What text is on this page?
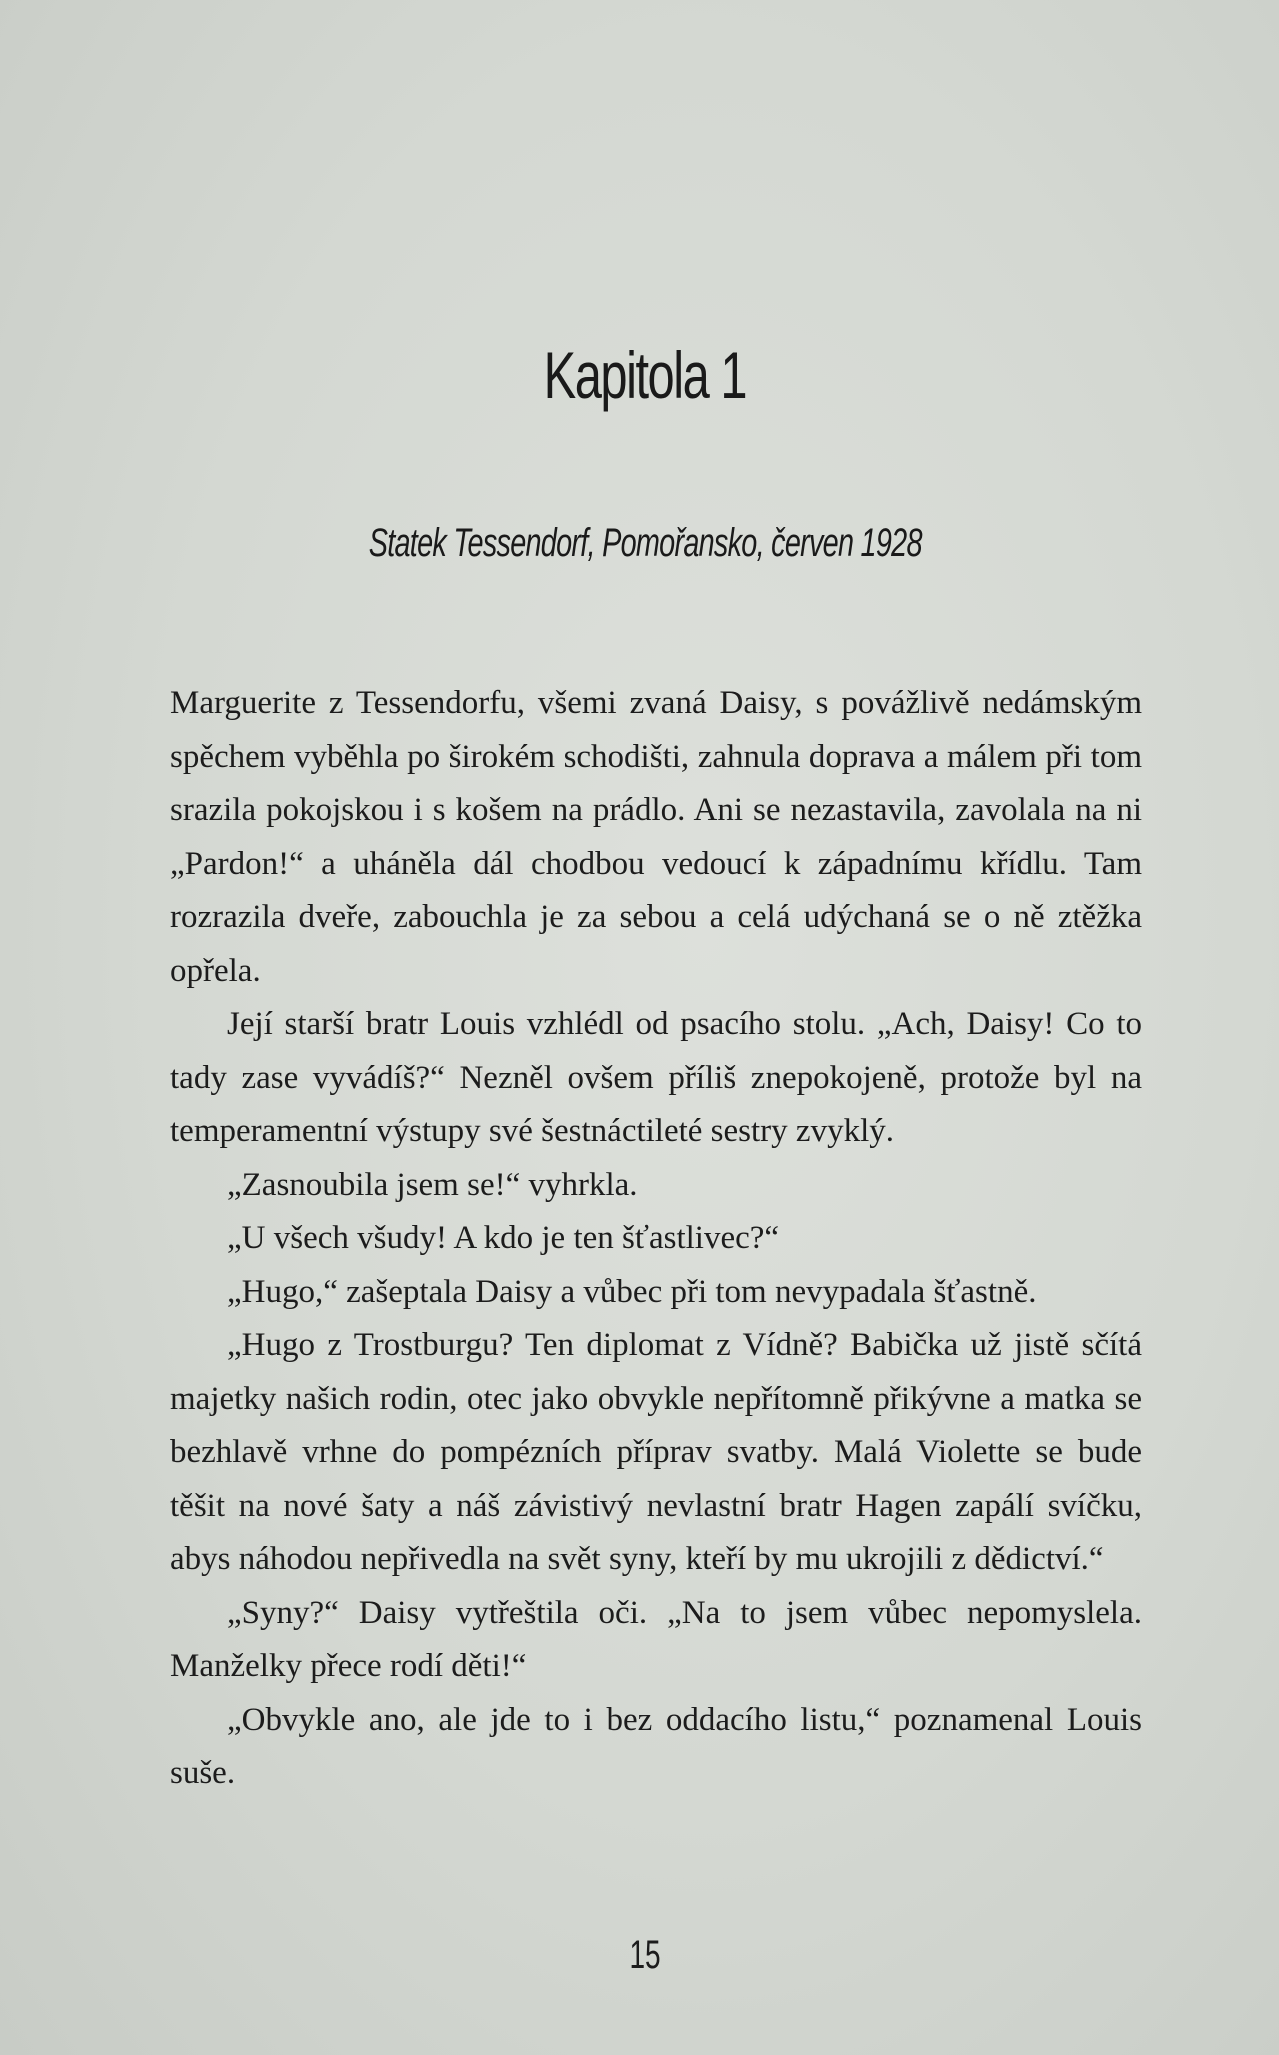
Kapitola 1
Statek Tessendorf, Pomořansko, červen 1928

Marguerite z Tessendorfu, všemi zvaná Daisy, s povážlivě nedámským spěchem vyběhla po širokém schodišti, zahnula doprava a málem při tom srazila pokojskou i s košem na prádlo. Ani se nezastavila, zavolala na ni „Pardon!“ a uháněla dál chodbou vedoucí k západnímu křídlu. Tam rozrazila dveře, zabouchla je za sebou a celá udýchaná se o ně ztěžka opřela.

Její starší bratr Louis vzhlédl od psacího stolu. „Ach, Daisy! Co to tady zase vyvádíš?“ Nezněl ovšem příliš znepokojeně, protože byl na temperamentní výstupy své šestnáctileté sestry zvyklý.

„Zasnoubila jsem se!“ vyhrkla.

„U všech všudy! A kdo je ten šťastlivec?“

„Hugo,“ zašeptala Daisy a vůbec při tom nevypadala šťastně.

„Hugo z Trostburgu? Ten diplomat z Vídně? Babička už jistě sčítá majetky našich rodin, otec jako obvykle nepřítomně přikývne a matka se bezhlavě vrhne do pompézních příprav svatby. Malá Violette se bude těšit na nové šaty a náš závistivý nevlastní bratr Hagen zapálí svíčku, abys náhodou nepřivedla na svět syny, kteří by mu ukrojili z dědictví.“

„Syny?“ Daisy vytřeštila oči. „Na to jsem vůbec nepomyslela. Manželky přece rodí děti!“

„Obvykle ano, ale jde to i bez oddacího listu,“ poznamenal Louis suše.

15
